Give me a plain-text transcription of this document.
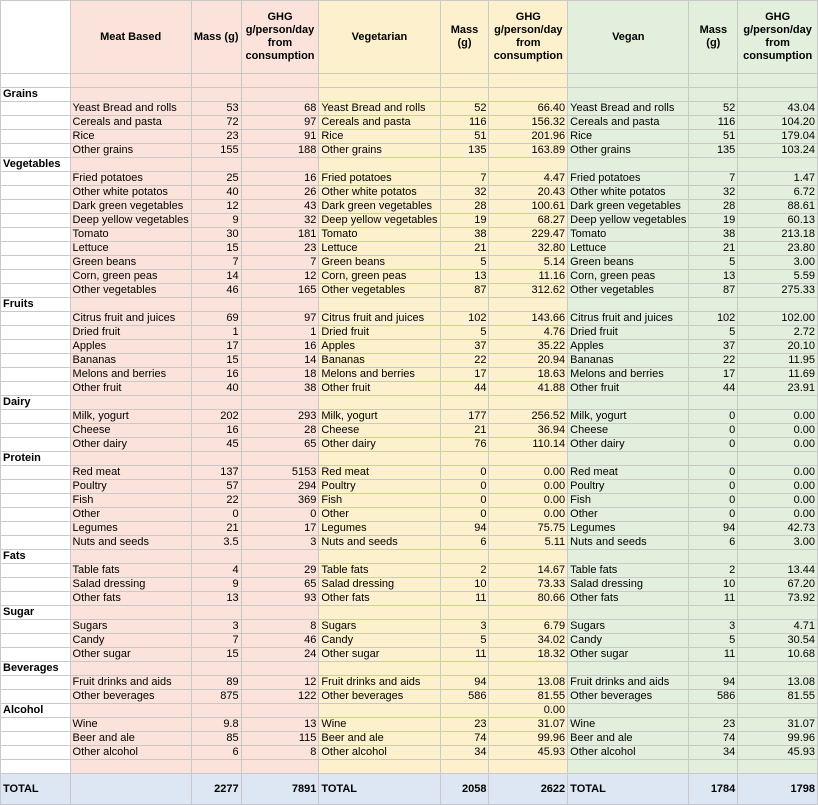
	Meat Based	Mass (g)	GHG g/person/day from consumption	Vegetarian	Mass (g)	GHG g/person/day from consumption	Vegan	Mass (g)	GHG g/person/day from consumption

Grains									
	Yeast Bread and rolls	53	68	Yeast Bread and rolls	52	66.40	Yeast Bread and rolls	52	43.04
	Cereals and pasta	72	97	Cereals and pasta	116	156.32	Cereals and pasta	116	104.20
	Rice	23	91	Rice	51	201.96	Rice	51	179.04
	Other grains	155	188	Other grains	135	163.89	Other grains	135	103.24
Vegetables									
	Fried potatoes	25	16	Fried potatoes	7	4.47	Fried potatoes	7	1.47
	Other white potatos	40	26	Other white potatos	32	20.43	Other white potatos	32	6.72
	Dark green vegetables	12	43	Dark green vegetables	28	100.61	Dark green vegetables	28	88.61
	Deep yellow vegetables	9	32	Deep yellow vegetables	19	68.27	Deep yellow vegetables	19	60.13
	Tomato	30	181	Tomato	38	229.47	Tomato	38	213.18
	Lettuce	15	23	Lettuce	21	32.80	Lettuce	21	23.80
	Green beans	7	7	Green beans	5	5.14	Green beans	5	3.00
	Corn, green peas	14	12	Corn, green peas	13	11.16	Corn, green peas	13	5.59
	Other vegetables	46	165	Other vegetables	87	312.62	Other vegetables	87	275.33
Fruits									
	Citrus fruit and juices	69	97	Citrus fruit and juices	102	143.66	Citrus fruit and juices	102	102.00
	Dried fruit	1	1	Dried fruit	5	4.76	Dried fruit	5	2.72
	Apples	17	16	Apples	37	35.22	Apples	37	20.10
	Bananas	15	14	Bananas	22	20.94	Bananas	22	11.95
	Melons and berries	16	18	Melons and berries	17	18.63	Melons and berries	17	11.69
	Other fruit	40	38	Other fruit	44	41.88	Other fruit	44	23.91
Dairy									
	Milk, yogurt	202	293	Milk, yogurt	177	256.52	Milk, yogurt	0	0.00
	Cheese	16	28	Cheese	21	36.94	Cheese	0	0.00
	Other dairy	45	65	Other dairy	76	110.14	Other dairy	0	0.00
Protein									
	Red meat	137	5153	Red meat	0	0.00	Red meat	0	0.00
	Poultry	57	294	Poultry	0	0.00	Poultry	0	0.00
	Fish	22	369	Fish	0	0.00	Fish	0	0.00
	Other	0	0	Other	0	0.00	Other	0	0.00
	Legumes	21	17	Legumes	94	75.75	Legumes	94	42.73
	Nuts and seeds	3.5	3	Nuts and seeds	6	5.11	Nuts and seeds	6	3.00
Fats									
	Table fats	4	29	Table fats	2	14.67	Table fats	2	13.44
	Salad dressing	9	65	Salad dressing	10	73.33	Salad dressing	10	67.20
	Other fats	13	93	Other fats	11	80.66	Other fats	11	73.92
Sugar									
	Sugars	3	8	Sugars	3	6.79	Sugars	3	4.71
	Candy	7	46	Candy	5	34.02	Candy	5	30.54
	Other sugar	15	24	Other sugar	11	18.32	Other sugar	11	10.68
Beverages									
	Fruit drinks and aids	89	12	Fruit drinks and aids	94	13.08	Fruit drinks and aids	94	13.08
	Other beverages	875	122	Other beverages	586	81.55	Other beverages	586	81.55
Alcohol						0.00			
	Wine	9.8	13	Wine	23	31.07	Wine	23	31.07
	Beer and ale	85	115	Beer and ale	74	99.96	Beer and ale	74	99.96
	Other alcohol	6	8	Other alcohol	34	45.93	Other alcohol	34	45.93

TOTAL		2277	7891	TOTAL	2058	2622	TOTAL	1784	1798
